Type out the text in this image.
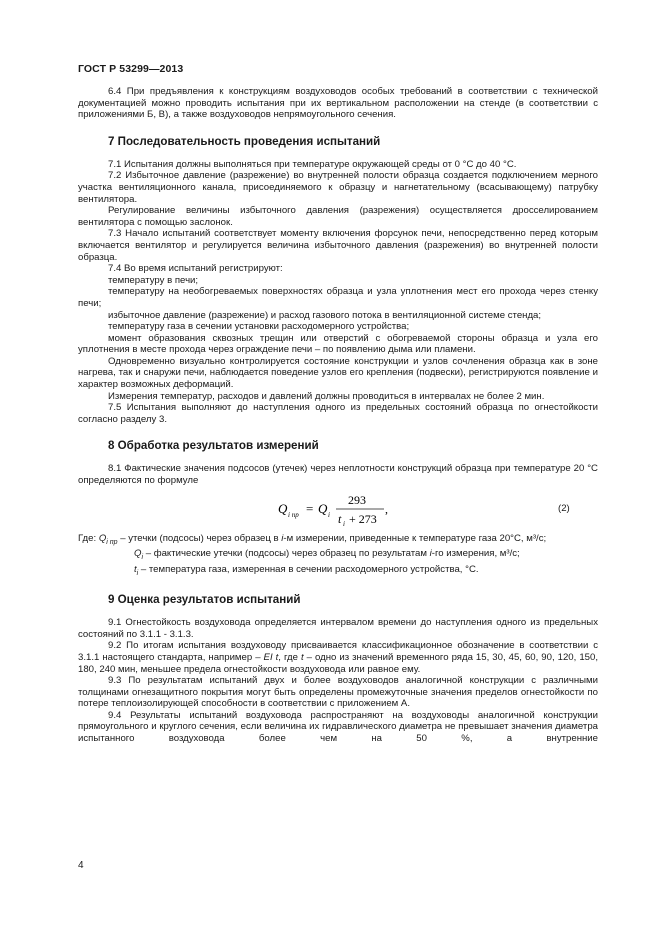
ГОСТ Р 53299—2013

6.4 При предъявления к конструкциям воздуховодов особых требований в соответствии с технической документацией можно проводить испытания при их вертикальном расположении на стенде (в соответствии с приложениями Б, В), а также воздуховодов непрямоугольного сечения.

7 Последовательность проведения испытаний

7.1 Испытания должны выполняться при температуре окружающей среды от 0 °С до 40 °С.

7.2 Избыточное давление (разрежение) во внутренней полости образца создается подключением мерного участка вентиляционного канала, присоединяемого к образцу и нагнетательному (всасывающему) патрубку вентилятора.

Регулирование величины избыточного давления (разрежения) осуществляется дросселированием вентилятора с помощью заслонок.

7.3 Начало испытаний соответствует моменту включения форсунок печи, непосредственно перед которым включается вентилятор и регулируется величина избыточного давления (разрежения) во внутренней полости образца.

7.4 Во время испытаний регистрируют:

температуру в печи;

температуру на необогреваемых поверхностях образца и узла уплотнения мест его прохода через стенку печи;

избыточное давление (разрежение) и расход газового потока в вентиляционной системе стенда;

температуру газа в сечении установки расходомерного устройства;

момент образования сквозных трещин или отверстий с обогреваемой стороны образца и узла его уплотнения в месте прохода через ограждение печи – по появлению дыма или пламени.

Одновременно визуально контролируется состояние конструкции и узлов сочленения образца как в зоне нагрева, так и снаружи печи, наблюдается поведение узлов его крепления (подвески), регистрируются появление и характер возможных деформаций.

Измерения температур, расходов и давлений должны проводиться в интервалах не более 2 мин.

7.5 Испытания выполняют до наступления одного из предельных состояний образца по огнестойкости согласно разделу 3.

8 Обработка результатов измерений

8.1 Фактические значения подсосов (утечек) через неплотности конструкций образца при температуре 20 °С определяются по формуле

Q i пр = Q i
293
t i + 273
,	(2)

Где: $Q_{i пр}$ – утечки (подсосы) через образец в i-м измерении, приведенные к температуре газа 20°С, м³/с;

$Q_i$ – фактические утечки (подсосы) через образец по результатам i-го измерения, м³/с;

$t_i$ – температура газа, измеренная в сечении расходомерного устройства, °С.

9 Оценка результатов испытаний

9.1 Огнестойкость воздуховода определяется интервалом времени до наступления одного из предельных состояний по 3.1.1 - 3.1.3.

9.2 По итогам испытания воздуховоду присваивается классификационное обозначение в соответствии с 3.1.1 настоящего стандарта, например – EI t, где t – одно из значений временного ряда 15, 30, 45, 60, 90, 120, 150, 180, 240 мин, меньшее предела огнестойкости воздуховода или равное ему.

9.3 По результатам испытаний двух и более воздуховодов аналогичной конструкции с различными толщинами огнезащитного покрытия могут быть определены промежуточные значения пределов огнестойкости по потере теплоизолирующей способности в соответствии с приложением А.

9.4 Результаты испытаний воздуховода распространяют на воздуховоды аналогичной конструкции прямоугольного и круглого сечения, если величина их гидравлического диаметра не превышает значения диаметра испытанного воздуховода более чем на 50 %, а внутренние

4
